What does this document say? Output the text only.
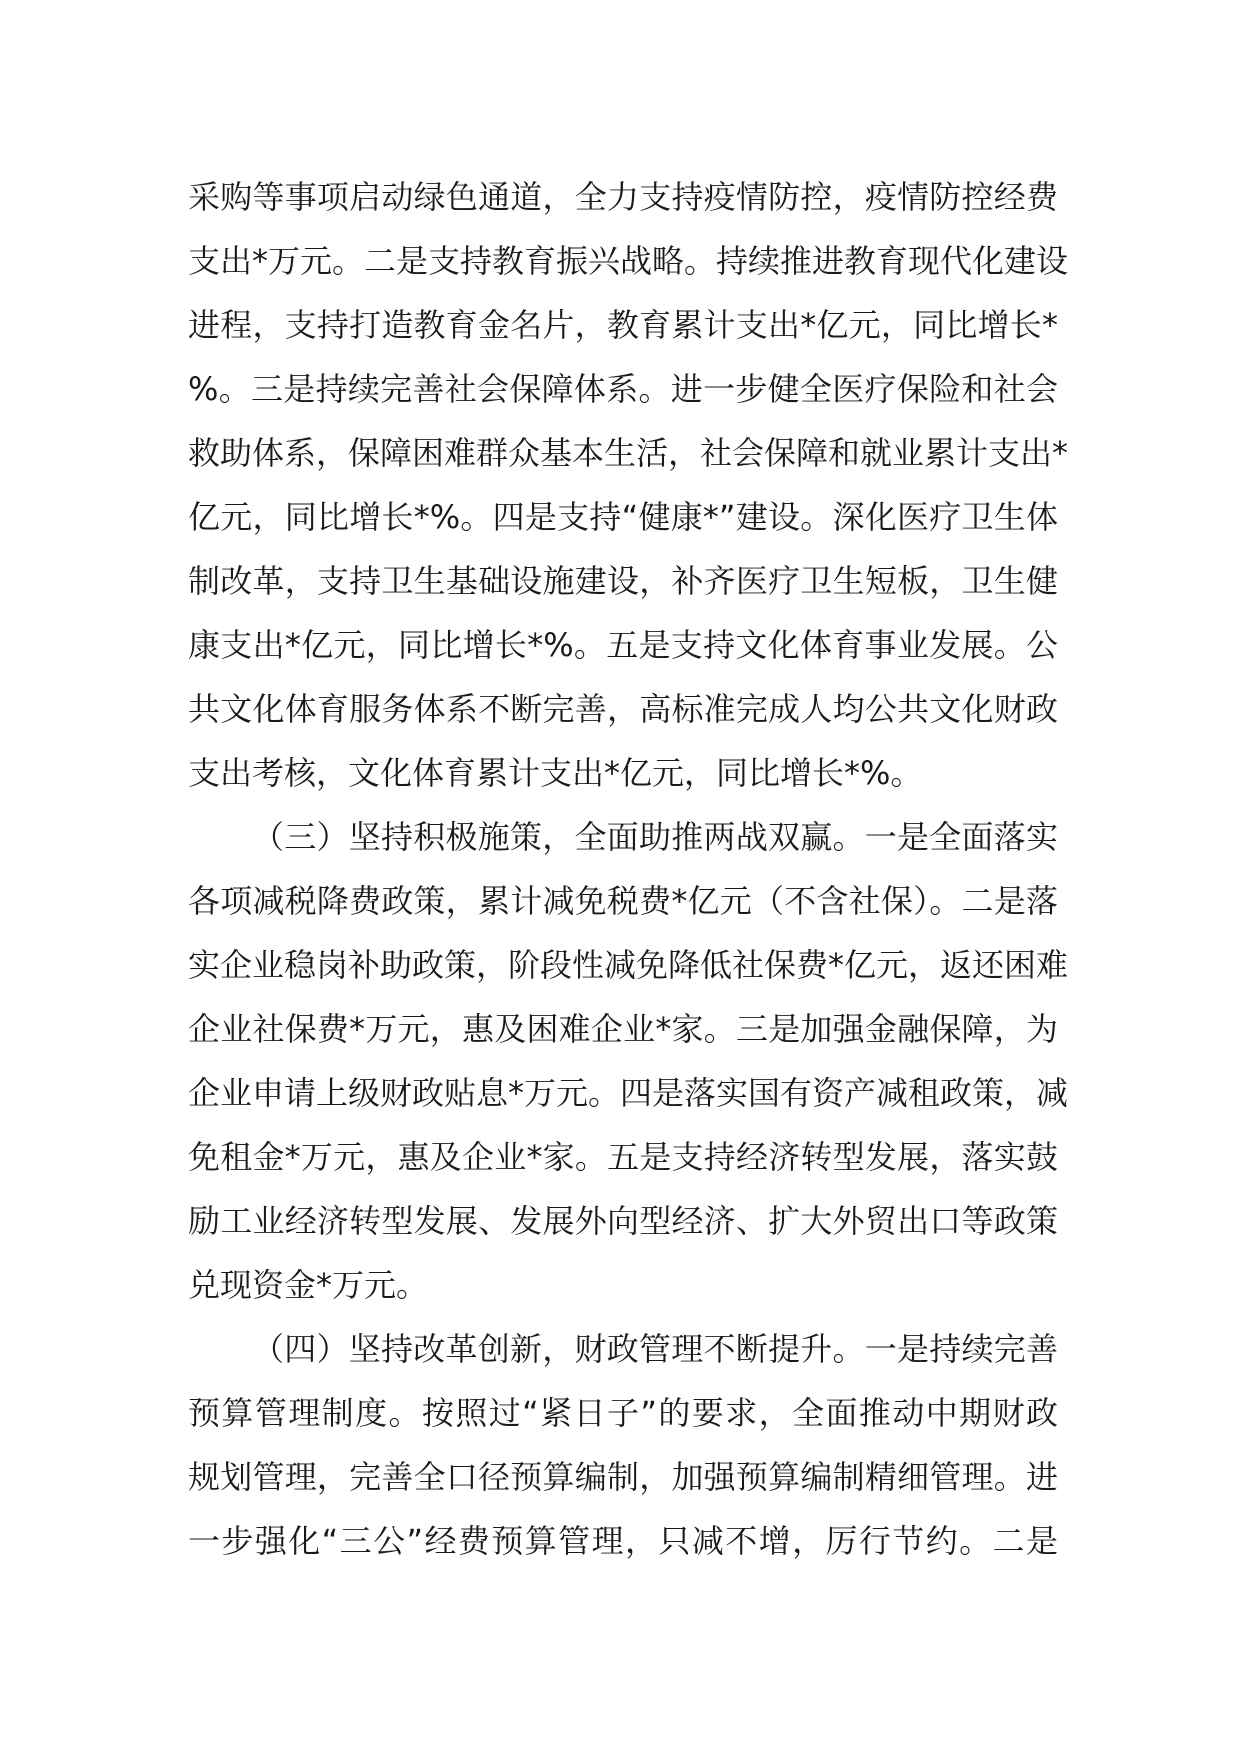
采购等事项启动绿色通道，全力支持疫情防控，疫情防控经费
支出*万元。二是支持教育振兴战略。持续推进教育现代化建设
进程，支持打造教育金名片，教育累计支出*亿元，同比增长*
%。三是持续完善社会保障体系。进一步健全医疗保险和社会
救助体系，保障困难群众基本生活，社会保障和就业累计支出*
亿元，同比增长*%。四是支持“健康*”建设。深化医疗卫生体
制改革，支持卫生基础设施建设，补齐医疗卫生短板，卫生健
康支出*亿元，同比增长*%。五是支持文化体育事业发展。公
共文化体育服务体系不断完善，高标准完成人均公共文化财政
支出考核，文化体育累计支出*亿元，同比增长*%。
（三）坚持积极施策，全面助推两战双赢。一是全面落实
各项减税降费政策，累计减免税费*亿元（不含社保）。二是落
实企业稳岗补助政策，阶段性减免降低社保费*亿元，返还困难
企业社保费*万元，惠及困难企业*家。三是加强金融保障，为
企业申请上级财政贴息*万元。四是落实国有资产减租政策，减
免租金*万元，惠及企业*家。五是支持经济转型发展，落实鼓
励工业经济转型发展、发展外向型经济、扩大外贸出口等政策
兑现资金*万元。
（四）坚持改革创新，财政管理不断提升。一是持续完善
预算管理制度。按照过“紧日子”的要求，全面推动中期财政
规划管理，完善全口径预算编制，加强预算编制精细管理。进
一步强化“三公”经费预算管理，只减不增，厉行节约。二是
